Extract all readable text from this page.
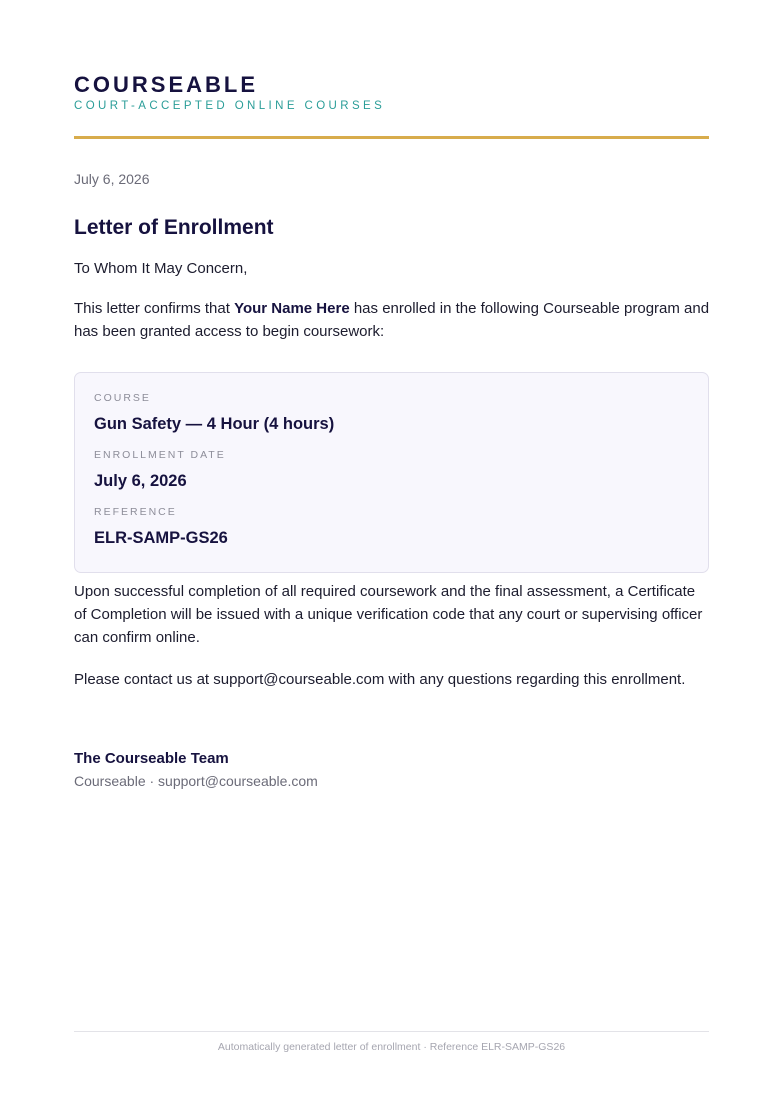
COURSEABLE
COURT-ACCEPTED ONLINE COURSES
July 6, 2026
Letter of Enrollment
To Whom It May Concern,
This letter confirms that Your Name Here has enrolled in the following Courseable program and has been granted access to begin coursework:
COURSE
Gun Safety — 4 Hour (4 hours)
ENROLLMENT DATE
July 6, 2026
REFERENCE
ELR-SAMP-GS26
Upon successful completion of all required coursework and the final assessment, a Certificate of Completion will be issued with a unique verification code that any court or supervising officer can confirm online.
Please contact us at support@courseable.com with any questions regarding this enrollment.
The Courseable Team
Courseable · support@courseable.com
Automatically generated letter of enrollment · Reference ELR-SAMP-GS26
